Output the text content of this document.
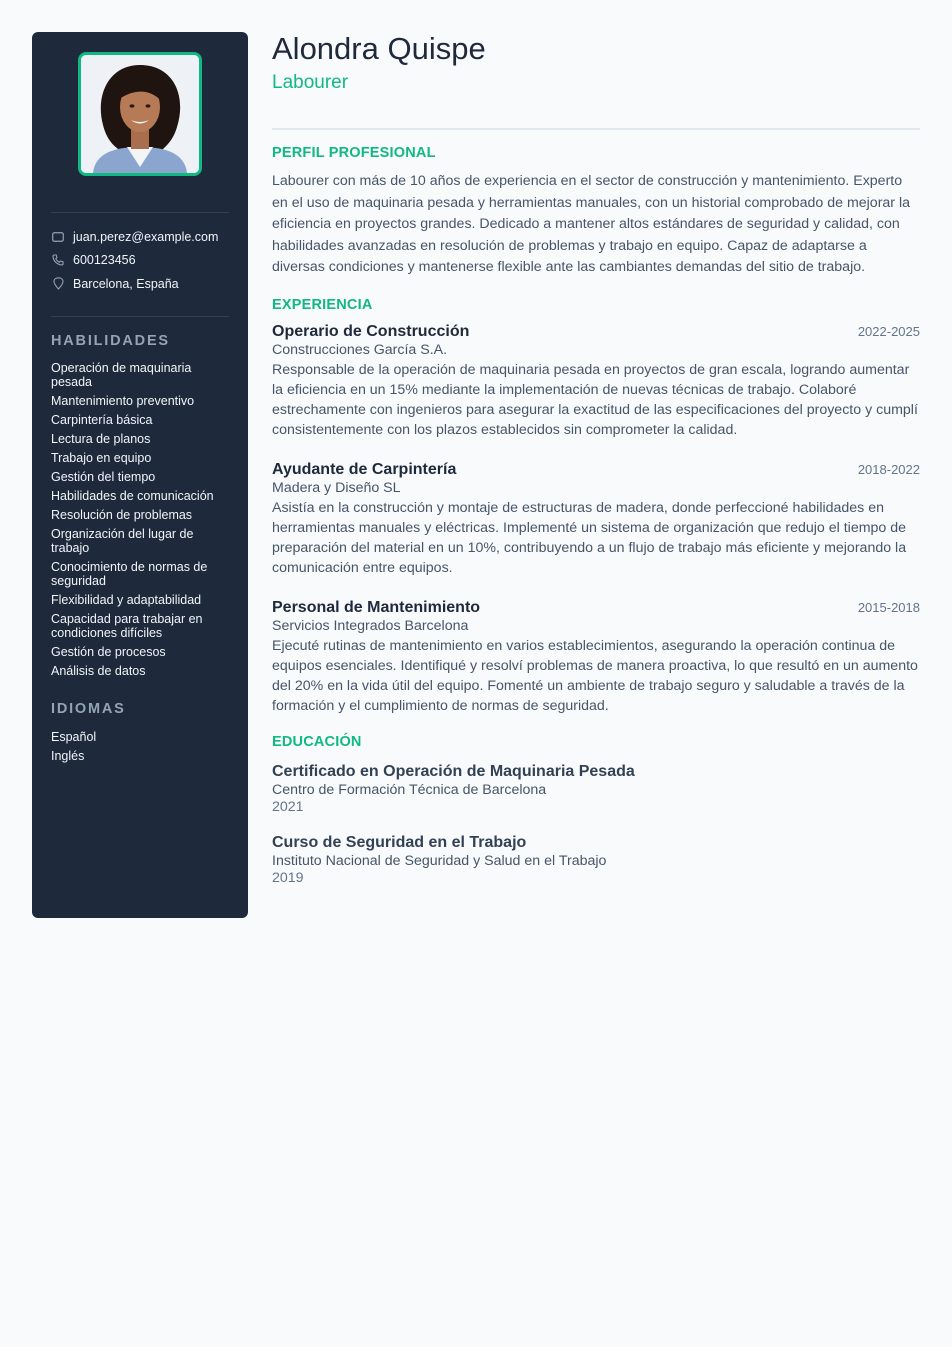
juan.perez@example.com
600123456
Barcelona, España
HABILIDADES
Operación de maquinaria pesada
Mantenimiento preventivo
Carpintería básica
Lectura de planos
Trabajo en equipo
Gestión del tiempo
Habilidades de comunicación
Resolución de problemas
Organización del lugar de trabajo
Conocimiento de normas de seguridad
Flexibilidad y adaptabilidad
Capacidad para trabajar en condiciones difíciles
Gestión de procesos
Análisis de datos
IDIOMAS
Español
Inglés
Alondra Quispe
Labourer
PERFIL PROFESIONAL

Labourer con más de 10 años de experiencia en el sector de construcción y mantenimiento. Experto en el uso de maquinaria pesada y herramientas manuales, con un historial comprobado de mejorar la eficiencia en proyectos grandes. Dedicado a mantener altos estándares de seguridad y calidad, con habilidades avanzadas en resolución de problemas y trabajo en equipo. Capaz de adaptarse a diversas condiciones y mantenerse flexible ante las cambiantes demandas del sitio de trabajo.

EXPERIENCIA
Operario de Construcción	2022-2025
Construcciones García S.A.

Responsable de la operación de maquinaria pesada en proyectos de gran escala, logrando aumentar la eficiencia en un 15% mediante la implementación de nuevas técnicas de trabajo. Colaboré estrechamente con ingenieros para asegurar la exactitud de las especificaciones del proyecto y cumplí consistentemente con los plazos establecidos sin comprometer la calidad.

Ayudante de Carpintería	2018-2022
Madera y Diseño SL

Asistía en la construcción y montaje de estructuras de madera, donde perfeccioné habilidades en herramientas manuales y eléctricas. Implementé un sistema de organización que redujo el tiempo de preparación del material en un 10%, contribuyendo a un flujo de trabajo más eficiente y mejorando la comunicación entre equipos.

Personal de Mantenimiento	2015-2018
Servicios Integrados Barcelona

Ejecuté rutinas de mantenimiento en varios establecimientos, asegurando la operación continua de equipos esenciales. Identifiqué y resolví problemas de manera proactiva, lo que resultó en un aumento del 20% en la vida útil del equipo. Fomenté un ambiente de trabajo seguro y saludable a través de la formación y el cumplimiento de normas de seguridad.

EDUCACIÓN
Certificado en Operación de Maquinaria Pesada
Centro de Formación Técnica de Barcelona
2021
Curso de Seguridad en el Trabajo
Instituto Nacional de Seguridad y Salud en el Trabajo
2019
